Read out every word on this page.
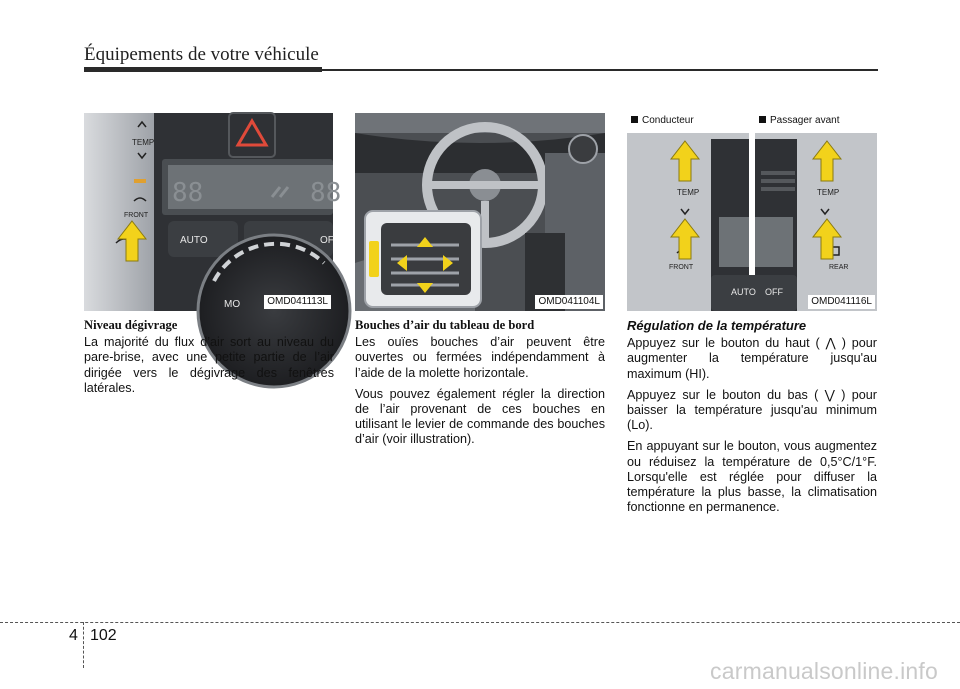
Équipements de votre véhicule
88	88
AUTO	OF
MO
TEMP
FRONT
OMD041113L	OMD041104L
AUTO OFF
TEMP	TEMP
FRONT	REAR
Conducteur	Passager avant
OMD041116L
Niveau dégivrage

La majorité du flux d’air sort au niveau du pare-brise, avec une petite partie de l’air dirigée vers le dégivrage des fenêtres latérales.

Bouches d’air du tableau de bord

Les ouïes bouches d’air peuvent être ouvertes ou fermées indépendamment à l’aide de la molette horizontale.

Vous pouvez également régler la direction de l’air provenant de ces bouches en utilisant le levier de commande des bouches d’air (voir illustration).

Régulation de la température

Appuyez sur le bouton du haut ( ⋀ ) pour augmenter la température jusqu'au maximum (HI).

Appuyez sur le bouton du bas ( ⋁ ) pour baisser la température jusqu'au minimum (Lo).

En appuyant sur le bouton, vous augmentez ou réduisez la température de 0,5°C/1°F. Lorsqu'elle est réglée pour diffuser la température la plus basse, la climatisation fonctionne en permanence.

4 102
carmanualsonline.info
